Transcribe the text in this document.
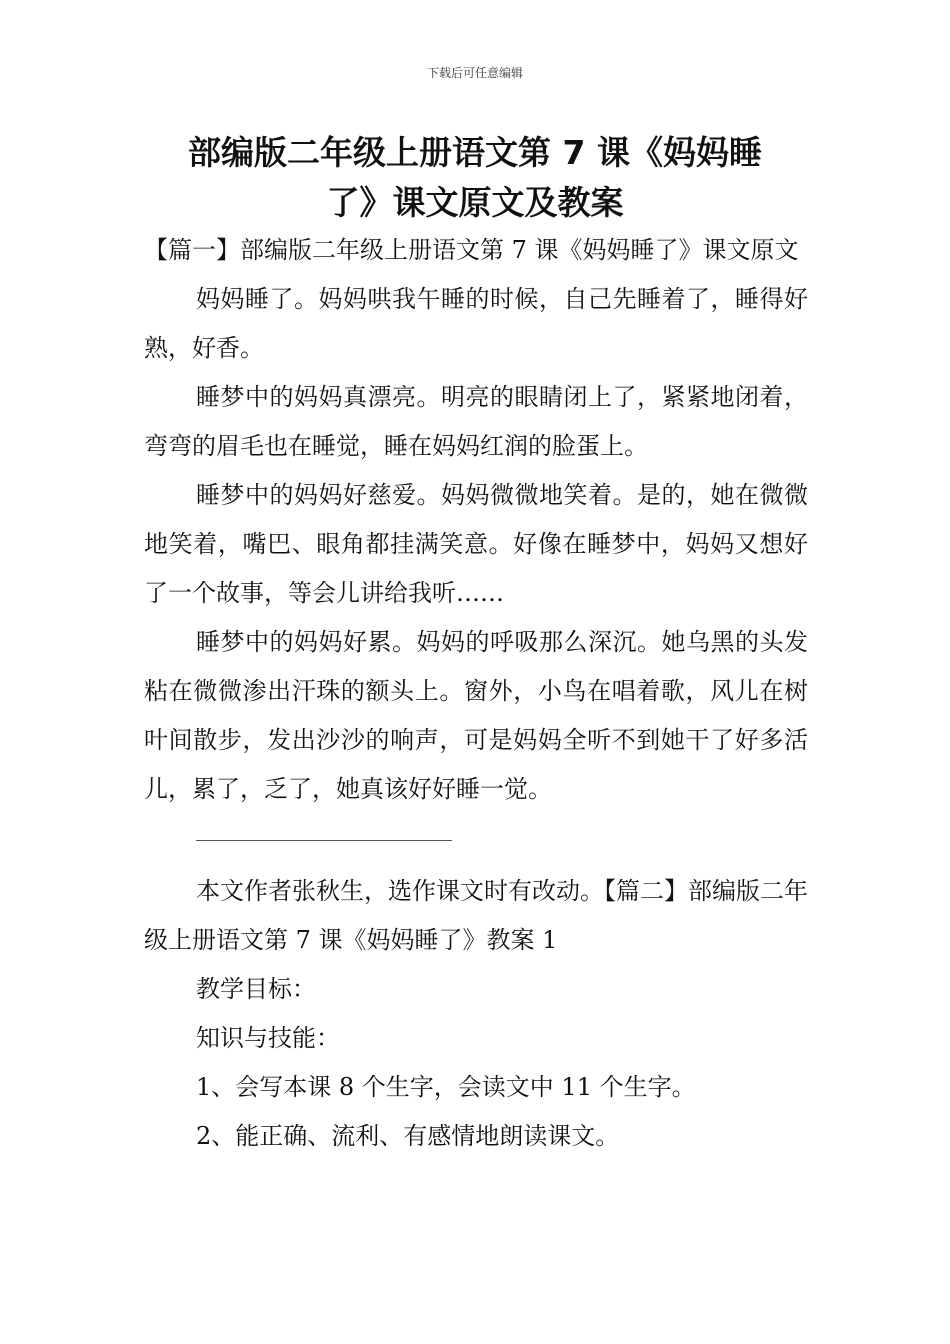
下载后可任意编辑
部编版二年级上册语文第 7 课《妈妈睡
了》课文原文及教案

【篇一】部编版二年级上册语文第 7 课《妈妈睡了》课文原文

妈妈睡了。妈妈哄我午睡的时候，自己先睡着了，睡得好熟，好香。

睡梦中的妈妈真漂亮。明亮的眼睛闭上了，紧紧地闭着，弯弯的眉毛也在睡觉，睡在妈妈红润的脸蛋上。

睡梦中的妈妈好慈爱。妈妈微微地笑着。是的，她在微微地笑着，嘴巴、眼角都挂满笑意。好像在睡梦中，妈妈又想好了一个故事，等会儿讲给我听……

睡梦中的妈妈好累。妈妈的呼吸那么深沉。她乌黑的头发粘在微微渗出汗珠的额头上。窗外，小鸟在唱着歌，风儿在树叶间散步，发出沙沙的响声，可是妈妈全听不到她干了好多活儿，累了，乏了，她真该好好睡一觉。

本文作者张秋生，选作课文时有改动。【篇二】部编版二年级上册语文第 7 课《妈妈睡了》教案 1

教学目标：

知识与技能：

1、会写本课 8 个生字，会读文中 11 个生字。

2、能正确、流利、有感情地朗读课文。
